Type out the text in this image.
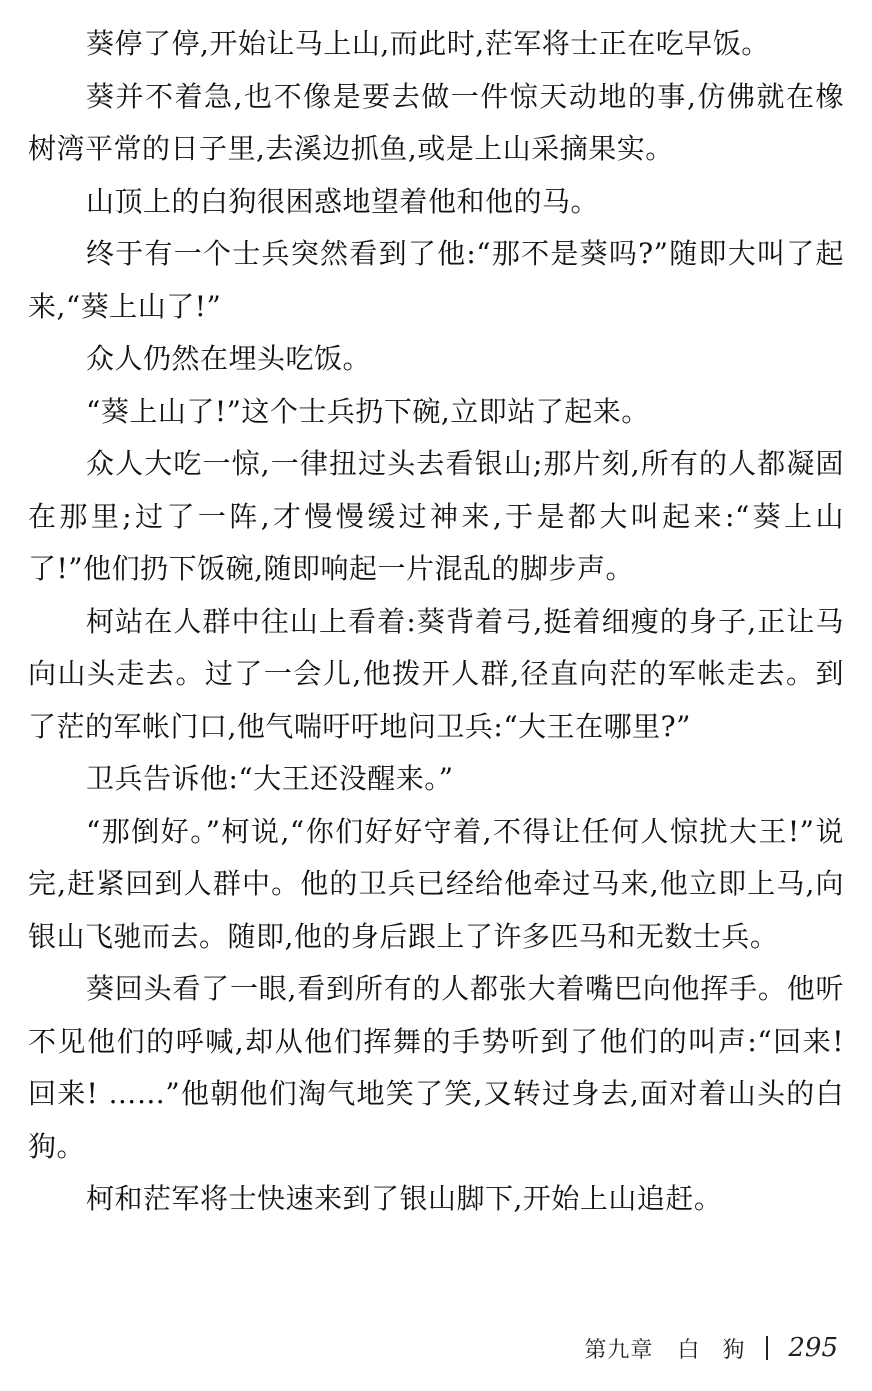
葵停了停,开始让马上山,而此时,茫军将士正在吃早饭。

葵并不着急,也不像是要去做一件惊天动地的事,仿佛就在橡树湾平常的日子里,去溪边抓鱼,或是上山采摘果实。

山顶上的白狗很困惑地望着他和他的马。

终于有一个士兵突然看到了他:“那不是葵吗?”随即大叫了起来,“葵上山了!”

众人仍然在埋头吃饭。

“葵上山了!”这个士兵扔下碗,立即站了起来。

众人大吃一惊,一律扭过头去看银山;那片刻,所有的人都凝固在那里;过了一阵,才慢慢缓过神来,于是都大叫起来:“葵上山了!”他们扔下饭碗,随即响起一片混乱的脚步声。

柯站在人群中往山上看着:葵背着弓,挺着细瘦的身子,正让马向山头走去。过了一会儿,他拨开人群,径直向茫的军帐走去。到了茫的军帐门口,他气喘吁吁地问卫兵:“大王在哪里?”

卫兵告诉他:“大王还没醒来。”

“那倒好。”柯说,“你们好好守着,不得让任何人惊扰大王!”说完,赶紧回到人群中。他的卫兵已经给他牵过马来,他立即上马,向银山飞驰而去。随即,他的身后跟上了许多匹马和无数士兵。

葵回头看了一眼,看到所有的人都张大着嘴巴向他挥手。他听不见他们的呼喊,却从他们挥舞的手势听到了他们的叫声:“回来! 回来! ……”他朝他们淘气地笑了笑,又转过身去,面对着山头的白狗。

柯和茫军将士快速来到了银山脚下,开始上山追赶。

第九章 白 狗 295
